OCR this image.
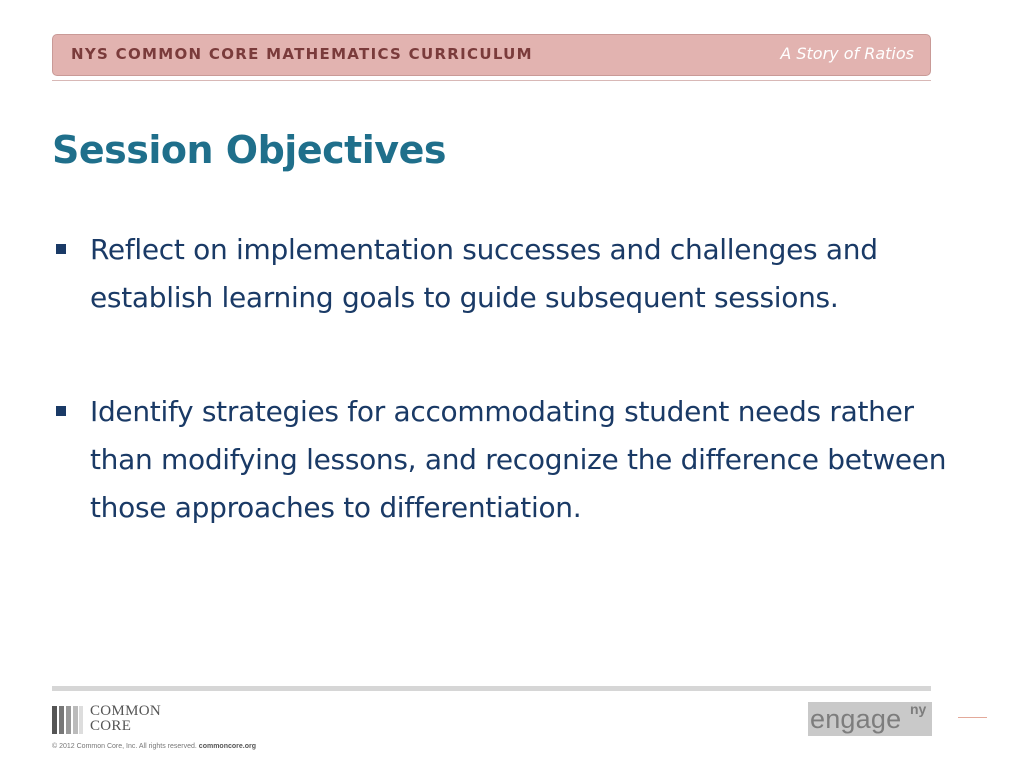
NYS COMMON CORE MATHEMATICS CURRICULUM	A Story of Ratios
Session Objectives
Reflect on implementation successes and challenges and establish learning goals to guide subsequent sessions.
Identify strategies for accommodating student needs rather than modifying lessons, and recognize the difference between those approaches to differentiation.
COMMON
CORE
© 2012 Common Core, Inc. All rights reserved. commoncore.org
engage ny
